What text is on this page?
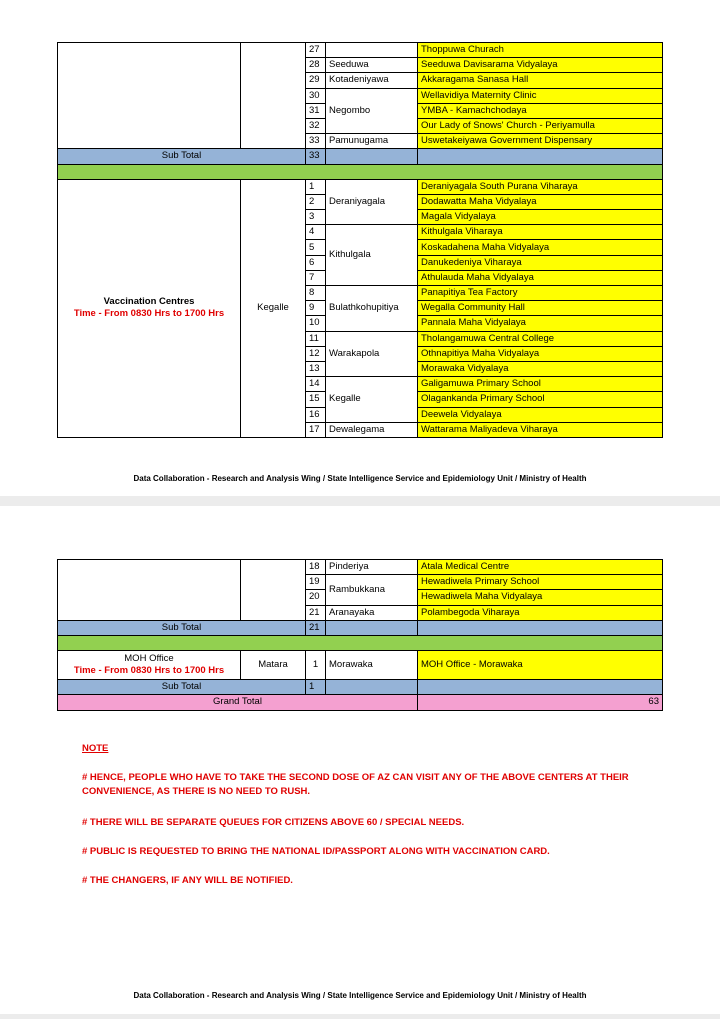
		27		Thoppuwa Churach
		28	Seeduwa	Seeduwa Davisarama Vidyalaya
		29	Kotadeniyawa	Akkaragama Sanasa Hall
		30	Negombo	Wellavidiya Maternity Clinic
		31		YMBA - Kamachchodaya
		32		Our Lady of Snows' Church - Periyamulla
		33	Pamunugama	Uswetakeiyawa Government Dispensary
Sub Total		33		

Vaccination Centres
Time - From 0830 Hrs to 1700 Hrs	Kegalle	1	Deraniyagala	Deraniyagala South Purana Viharaya
		2		Dodawatta Maha Vidyalaya
		3		Magala Vidyalaya
		4	Kithulgala	Kithulgala Viharaya
		5		Koskadahena Maha Vidyalaya
		6		Danukedeniya Viharaya
		7		Athulauda Maha Vidyalaya
		8	Bulathkohupitiya	Panapitiya Tea Factory
		9		Wegalla Community Hall
		10		Pannala Maha Vidyalaya
		11	Warakapola	Tholangamuwa Central College
		12		Othnapitiya Maha Vidyalaya
		13		Morawaka Vidyalaya
		14	Kegalle	Galigamuwa Primary School
		15		Olagankanda Primary School
		16		Deewela Vidyalaya
		17	Dewalegama	Wattarama Maliyadeva Viharaya
Data Collaboration - Research and Analysis Wing / State Intelligence Service and Epidemiology Unit / Ministry of Health
		18	Pinderiya	Atala Medical Centre
		19	Rambukkana	Hewadiwela Primary School
		20		Hewadiwela Maha Vidyalaya
		21	Aranayaka	Polambegoda Viharaya
Sub Total		21		

MOH Office
Time - From 0830 Hrs to 1700 Hrs	Matara	1	Morawaka	MOH Office - Morawaka
Sub Total		1		
Grand Total				63
NOTE
# HENCE, PEOPLE WHO HAVE TO TAKE THE SECOND DOSE OF AZ CAN VISIT ANY OF THE ABOVE CENTERS AT THEIR CONVENIENCE, AS THERE IS NO NEED TO RUSH.
# THERE WILL BE SEPARATE QUEUES FOR CITIZENS ABOVE 60 / SPECIAL NEEDS.
# PUBLIC IS REQUESTED TO BRING THE NATIONAL ID/PASSPORT ALONG WITH VACCINATION CARD.
# THE CHANGERS, IF ANY WILL BE NOTIFIED.
Data Collaboration - Research and Analysis Wing / State Intelligence Service and Epidemiology Unit / Ministry of Health
